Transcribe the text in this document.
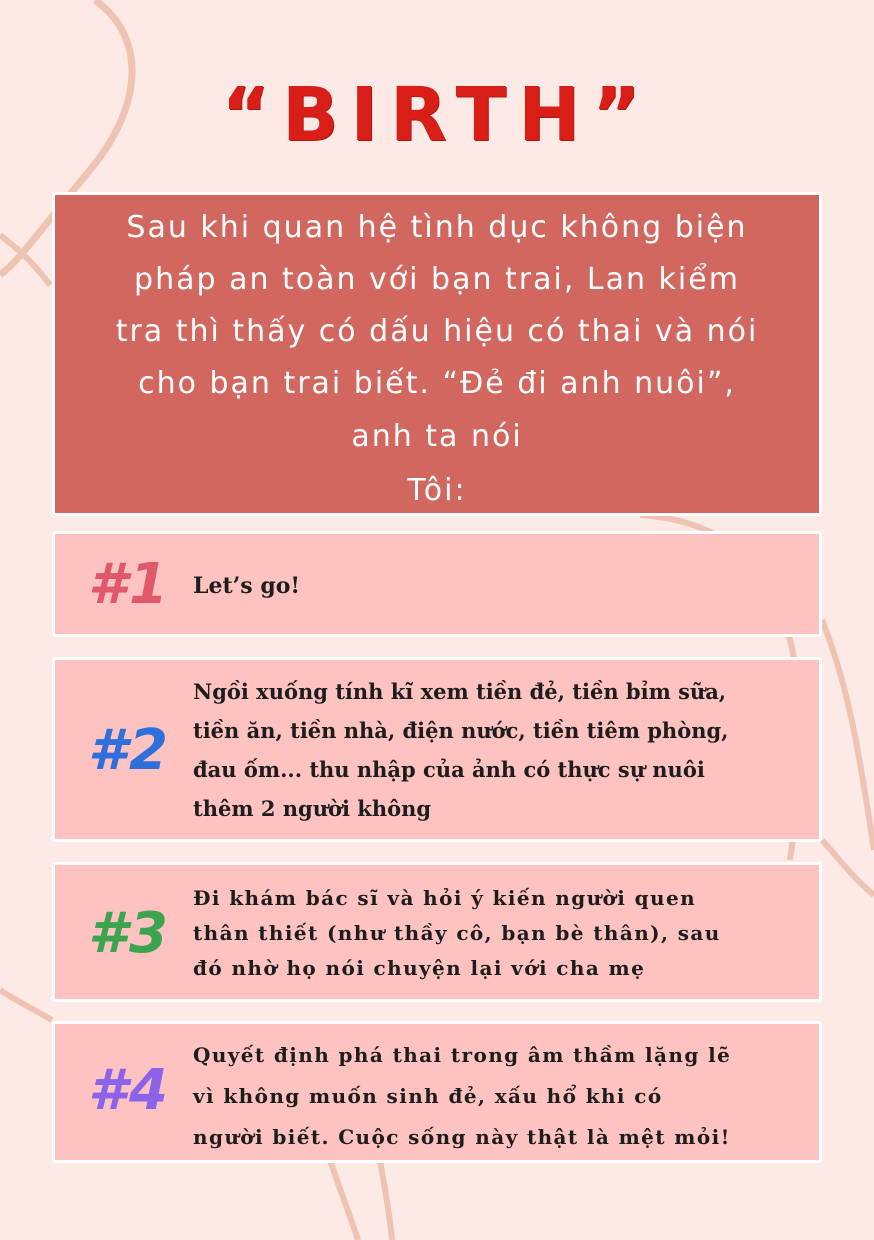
“BIRTH”

Sau khi quan hệ tình dục không biện

pháp an toàn với bạn trai, Lan kiểm

tra thì thấy có dấu hiệu có thai và nói

cho bạn trai biết. “Đẻ đi anh nuôi”,

anh ta nói

Tôi:

#1	Let’s go!
#2
Ngồi xuống tính kĩ xem tiền đẻ, tiền bỉm sữa,
tiền ăn, tiền nhà, điện nước, tiền tiêm phòng,
đau ốm... thu nhập của ảnh có thực sự nuôi
thêm 2 người không
#3
Đi khám bác sĩ và hỏi ý kiến người quen
thân thiết (như thầy cô, bạn bè thân), sau
đó nhờ họ nói chuyện lại với cha mẹ
#4
Quyết định phá thai trong âm thầm lặng lẽ
vì không muốn sinh đẻ, xấu hổ khi có
người biết. Cuộc sống này thật là mệt mỏi!
